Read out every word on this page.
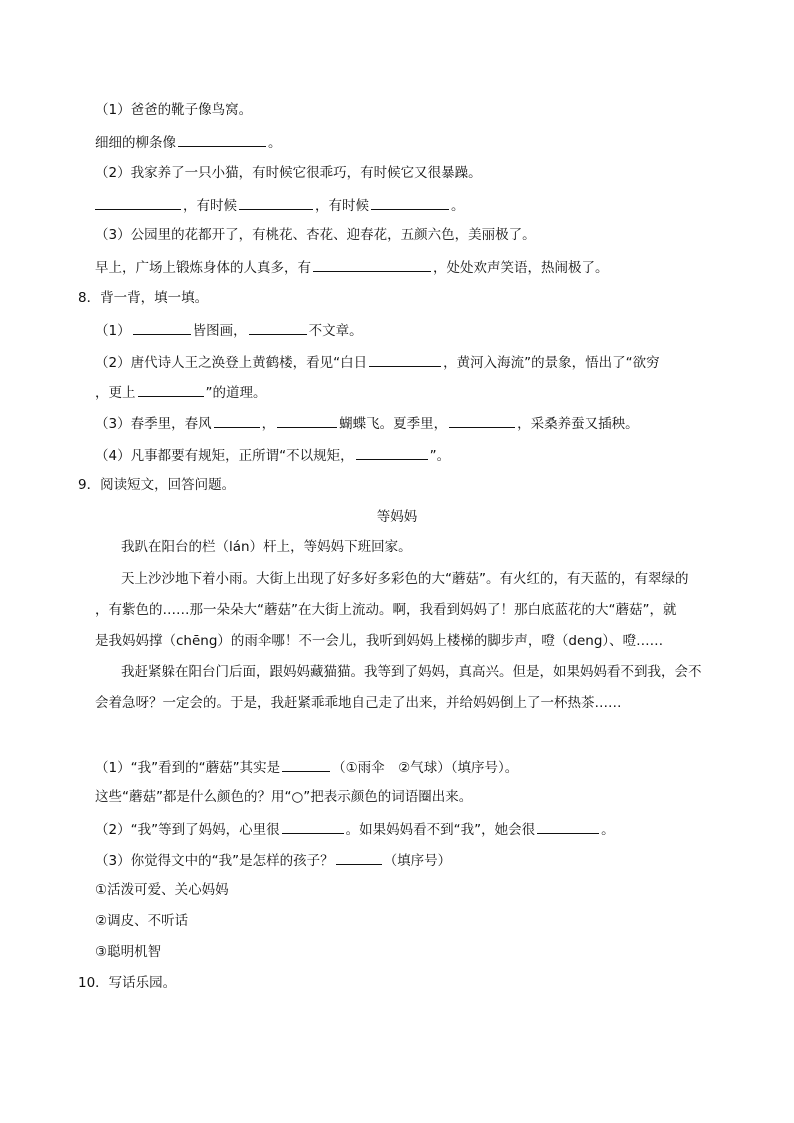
（1）爸爸的靴子像鸟窝。
细细的柳条像	。
（2）我家养了一只小猫，有时候它很乖巧，有时候它又很暴躁。
，有时候	，有时候	。
（3）公园里的花都开了，有桃花、杏花、迎春花，五颜六色，美丽极了。
早上，广场上锻炼身体的人真多，有	，处处欢声笑语，热闹极了。
8．背一背，填一填。
（1）	皆图画，	不文章。
（2）唐代诗人王之涣登上黄鹤楼，看见“白日	，黄河入海流”的景象，悟出了“欲穷
，更上	”的道理。
（3）春季里，春风	，	蝴蝶飞。夏季里，	，采桑养蚕又插秧。
（4）凡事都要有规矩，正所谓“不以规矩，	”。
9．阅读短文，回答问题。
等妈妈
我趴在阳台的栏（lán）杆上，等妈妈下班回家。
天上沙沙地下着小雨。大街上出现了好多好多彩色的大“蘑菇”。有火红的，有天蓝的，有翠绿的
，有紫色的……那一朵朵大“蘑菇”在大街上流动。啊，我看到妈妈了！那白底蓝花的大“蘑菇”，就
是我妈妈撑（chēng）的雨伞哪！不一会儿，我听到妈妈上楼梯的脚步声，噔（deng）、噔……
我赶紧躲在阳台门后面，跟妈妈藏猫猫。我等到了妈妈，真高兴。但是，如果妈妈看不到我，会不
会着急呀？一定会的。于是，我赶紧乖乖地自己走了出来，并给妈妈倒上了一杯热茶……
（1）“我”看到的“蘑菇”其实是	（①雨伞　②气球）（填序号）。
这些“蘑菇”都是什么颜色的？用“○”把表示颜色的词语圈出来。
（2）“我”等到了妈妈，心里很	。如果妈妈看不到“我”，她会很	。
（3）你觉得文中的“我”是怎样的孩子？	（填序号）
①活泼可爱、关心妈妈
②调皮、不听话
③聪明机智
10．写话乐园。
